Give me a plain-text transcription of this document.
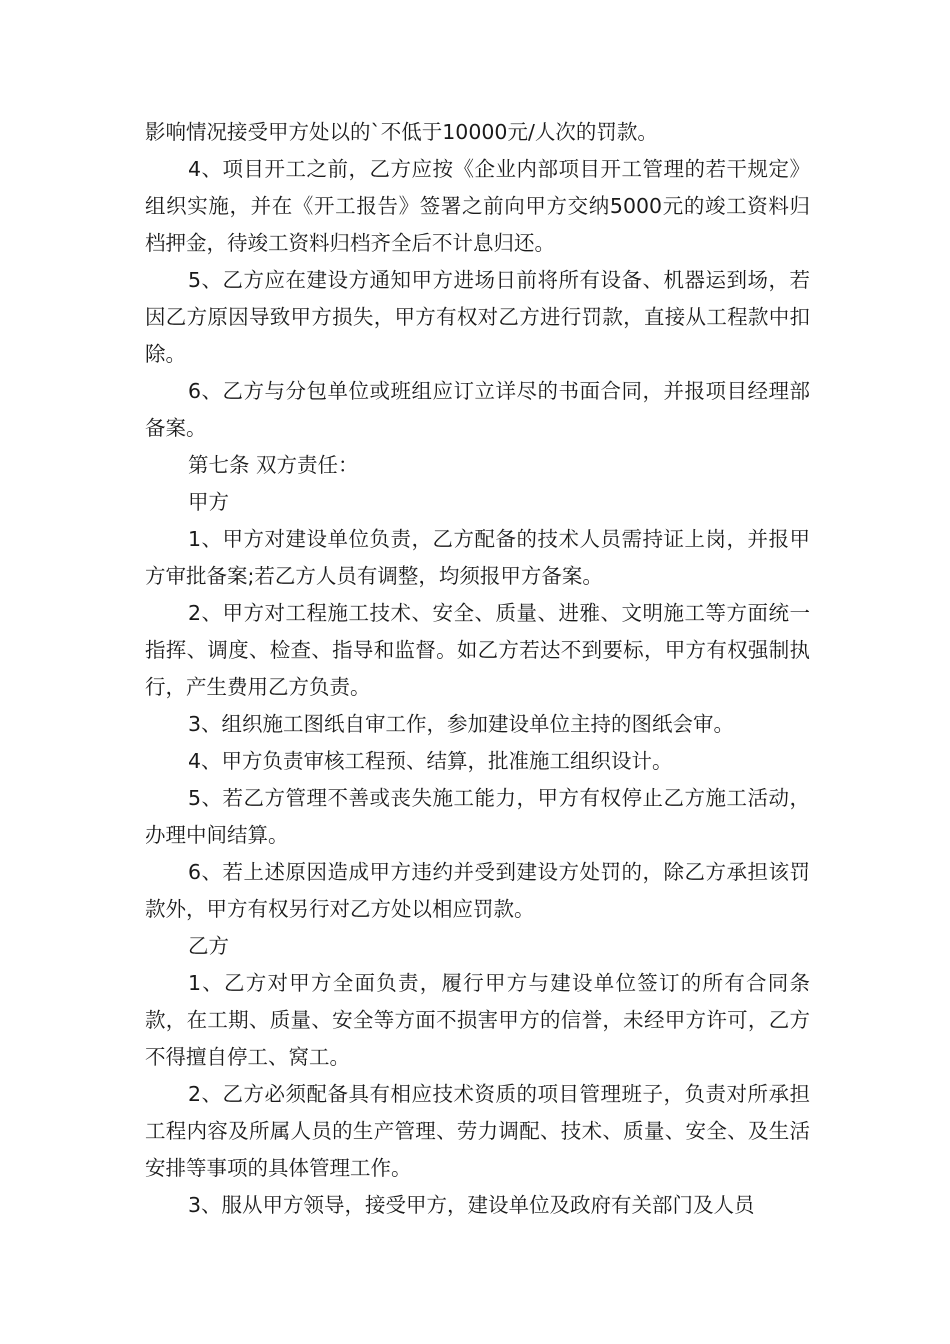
影响情况接受甲方处以的`不低于10000元/人次的罚款。

4、项目开工之前，乙方应按《企业内部项目开工管理的若干规定》组织实施，并在《开工报告》签署之前向甲方交纳5000元的竣工资料归档押金，待竣工资料归档齐全后不计息归还。

5、乙方应在建设方通知甲方进场日前将所有设备、机器运到场，若因乙方原因导致甲方损失，甲方有权对乙方进行罚款，直接从工程款中扣除。

6、乙方与分包单位或班组应订立详尽的书面合同，并报项目经理部备案。

第七条 双方责任：

甲方

1、甲方对建设单位负责，乙方配备的技术人员需持证上岗，并报甲方审批备案;若乙方人员有调整，均须报甲方备案。

2、甲方对工程施工技术、安全、质量、进雅、文明施工等方面统一指挥、调度、检查、指导和监督。如乙方若达不到要标，甲方有权强制执行，产生费用乙方负责。

3、组织施工图纸自审工作，参加建设单位主持的图纸会审。

4、甲方负责审核工程预、结算，批准施工组织设计。

5、若乙方管理不善或丧失施工能力，甲方有权停止乙方施工活动，办理中间结算。

6、若上述原因造成甲方违约并受到建设方处罚的，除乙方承担该罚款外，甲方有权另行对乙方处以相应罚款。

乙方

1、乙方对甲方全面负责，履行甲方与建设单位签订的所有合同条款，在工期、质量、安全等方面不损害甲方的信誉，未经甲方许可，乙方不得擅自停工、窝工。

2、乙方必须配备具有相应技术资质的项目管理班子，负责对所承担工程内容及所属人员的生产管理、劳力调配、技术、质量、安全、及生活安排等事项的具体管理工作。

3、服从甲方领导，接受甲方，建设单位及政府有关部门及人员
